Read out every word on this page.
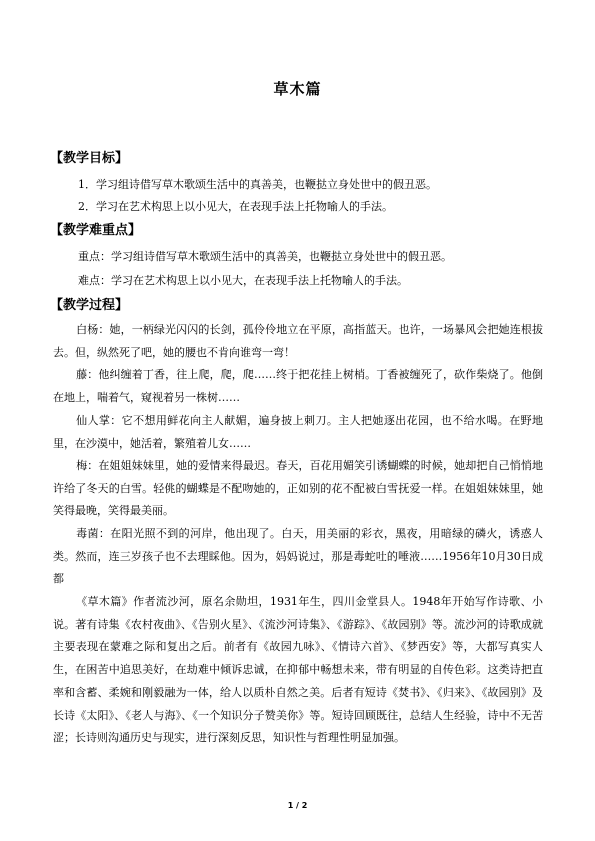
草木篇
【教学目标】
1．学习组诗借写草木歌颂生活中的真善美，也鞭挞立身处世中的假丑恶。
2．学习在艺术构思上以小见大，在表现手法上托物喻人的手法。
【教学难重点】
重点：学习组诗借写草木歌颂生活中的真善美，也鞭挞立身处世中的假丑恶。
难点：学习在艺术构思上以小见大，在表现手法上托物喻人的手法。
【教学过程】

白杨：她，一柄绿光闪闪的长剑，孤伶伶地立在平原，高指蓝天。也许，一场暴风会把她连根拔去。但，纵然死了吧，她的腰也不肯向谁弯一弯！

藤：他纠缠着丁香，往上爬，爬，爬……终于把花挂上树梢。丁香被缠死了，砍作柴烧了。他倒在地上，喘着气，窥视着另一株树……

仙人掌：它不想用鲜花向主人献媚，遍身披上刺刀。主人把她逐出花园，也不给水喝。在野地里，在沙漠中，她活着，繁殖着儿女……

梅：在姐姐妹妹里，她的爱情来得最迟。春天，百花用媚笑引诱蝴蝶的时候，她却把自己悄悄地许给了冬天的白雪。轻佻的蝴蝶是不配吻她的，正如别的花不配被白雪抚爱一样。在姐姐妹妹里，她笑得最晚，笑得最美丽。

毒菌：在阳光照不到的河岸，他出现了。白天，用美丽的彩衣，黑夜，用暗绿的磷火，诱惑人类。然而，连三岁孩子也不去理睬他。因为，妈妈说过，那是毒蛇吐的唾液……1956年10月30日成都

《草木篇》作者流沙河，原名余勋坦，1931年生，四川金堂县人。1948年开始写作诗歌、小说。著有诗集《农村夜曲》、《告别火星》、《流沙河诗集》、《游踪》、《故园别》等。流沙河的诗歌成就主要表现在蒙难之际和复出之后。前者有《故园九咏》、《情诗六首》、《梦西安》等，大都写真实人生，在困苦中追思美好，在劫难中倾诉忠诚，在抑郁中畅想未来，带有明显的自传色彩。这类诗把直率和含蓄、柔婉和刚毅融为一体，给人以质朴自然之美。后者有短诗《焚书》、《归来》、《故园别》及长诗《太阳》、《老人与海》、《一个知识分子赞美你》等。短诗回顾既往，总结人生经验，诗中不无苦涩；长诗则沟通历史与现实，进行深刻反思，知识性与哲理性明显加强。

1 / 2
